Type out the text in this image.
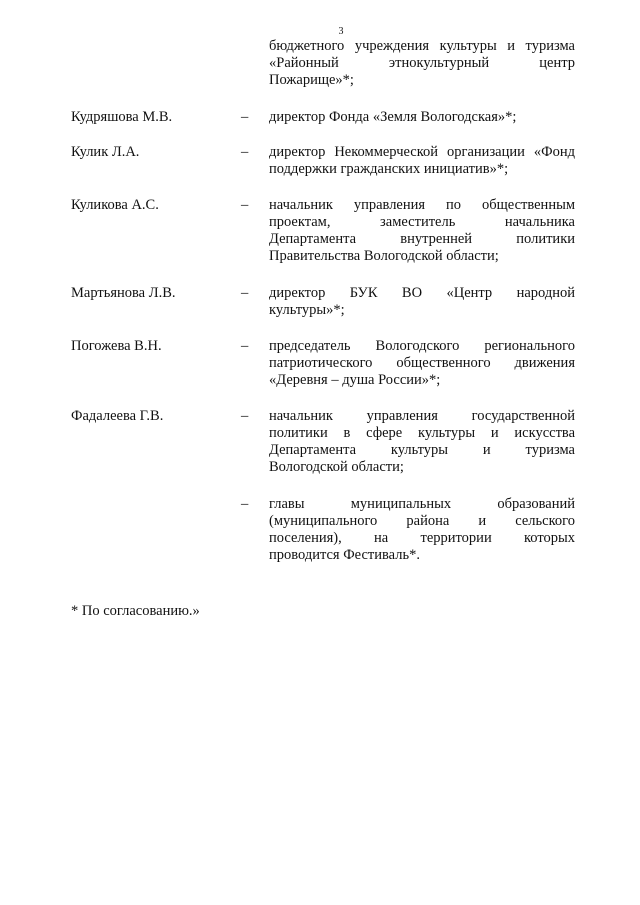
3
бюджетного учреждения культуры и туризма
«Районный этнокультурный центр
Пожарище»*;
Кудряшова М.В.	– директор Фонда «Земля Вологодская»*;
Кулик Л.А.	– директор Некоммерческой организации «Фонд
поддержки гражданских инициатив»*;
Куликова А.С.	– начальник управления по общественным
проектам, заместитель начальника
Департамента внутренней политики
Правительства Вологодской области;
Мартьянова Л.В.	– директор БУК ВО «Центр народной
культуры»*;
Погожева В.Н.	– председатель Вологодского регионального
патриотического общественного движения
«Деревня – душа России»*;
Фадалеева Г.В.	– начальник управления государственной
политики в сфере культуры и искусства
Департамента культуры и туризма
Вологодской области;
– главы муниципальных образований
(муниципального района и сельского
поселения), на территории которых
проводится Фестиваль*.
* По согласованию.»
